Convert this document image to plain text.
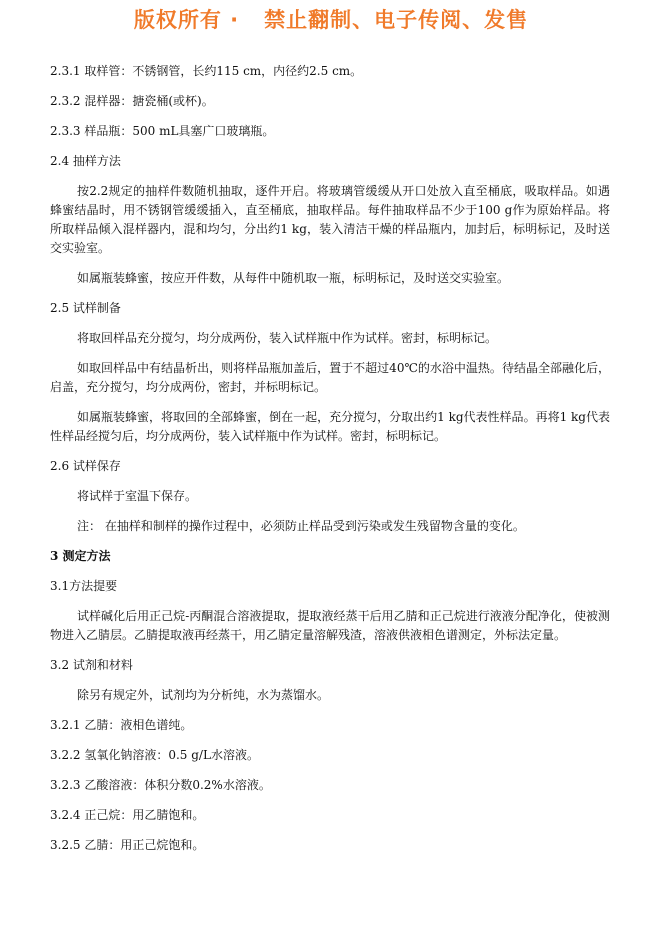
版权所有 ·   禁止翻制、电子传阅、发售
2.3.1 取样管：不锈钢管，长约115 cm，内径约2.5 cm。
2.3.2 混样器：搪瓷桶(或杯)。
2.3.3 样品瓶：500 mL具塞广口玻璃瓶。
2.4 抽样方法
按2.2规定的抽样件数随机抽取，逐件开启。将玻璃管缓缓从开口处放入直至桶底，吸取样品。如遇蜂蜜结晶时，用不锈钢管缓缓插入，直至桶底，抽取样品。每件抽取样品不少于100 g作为原始样品。将所取样品倾入混样器内，混和均匀，分出约1 kg，装入清洁干燥的样品瓶内，加封后，标明标记，及时送交实验室。
如属瓶装蜂蜜，按应开件数，从每件中随机取一瓶，标明标记，及时送交实验室。
2.5 试样制备
将取回样品充分搅匀，均分成两份，装入试样瓶中作为试样。密封，标明标记。
如取回样品中有结晶析出，则将样品瓶加盖后，置于不超过40℃的水浴中温热。待结晶全部融化后，启盖，充分搅匀，均分成两份，密封，并标明标记。
如属瓶装蜂蜜，将取回的全部蜂蜜，倒在一起，充分搅匀，分取出约1 kg代表性样品。再将1 kg代表性样品经搅匀后，均分成两份，装入试样瓶中作为试样。密封，标明标记。
2.6 试样保存
将试样于室温下保存。
注： 在抽样和制样的操作过程中，必须防止样品受到污染或发生残留物含量的变化。
3 测定方法
3.1方法提要
试样碱化后用正己烷-丙酮混合溶液提取，提取液经蒸干后用乙腈和正己烷进行液液分配净化，使被测物进入乙腈层。乙腈提取液再经蒸干，用乙腈定量溶解残渣，溶液供液相色谱测定，外标法定量。
3.2 试剂和材料
除另有规定外，试剂均为分析纯，水为蒸馏水。
3.2.1 乙腈：液相色谱纯。
3.2.2 氢氧化钠溶液：0.5 g/L水溶液。
3.2.3 乙酸溶液：体积分数0.2%水溶液。
3.2.4 正己烷：用乙腈饱和。
3.2.5 乙腈：用正己烷饱和。
